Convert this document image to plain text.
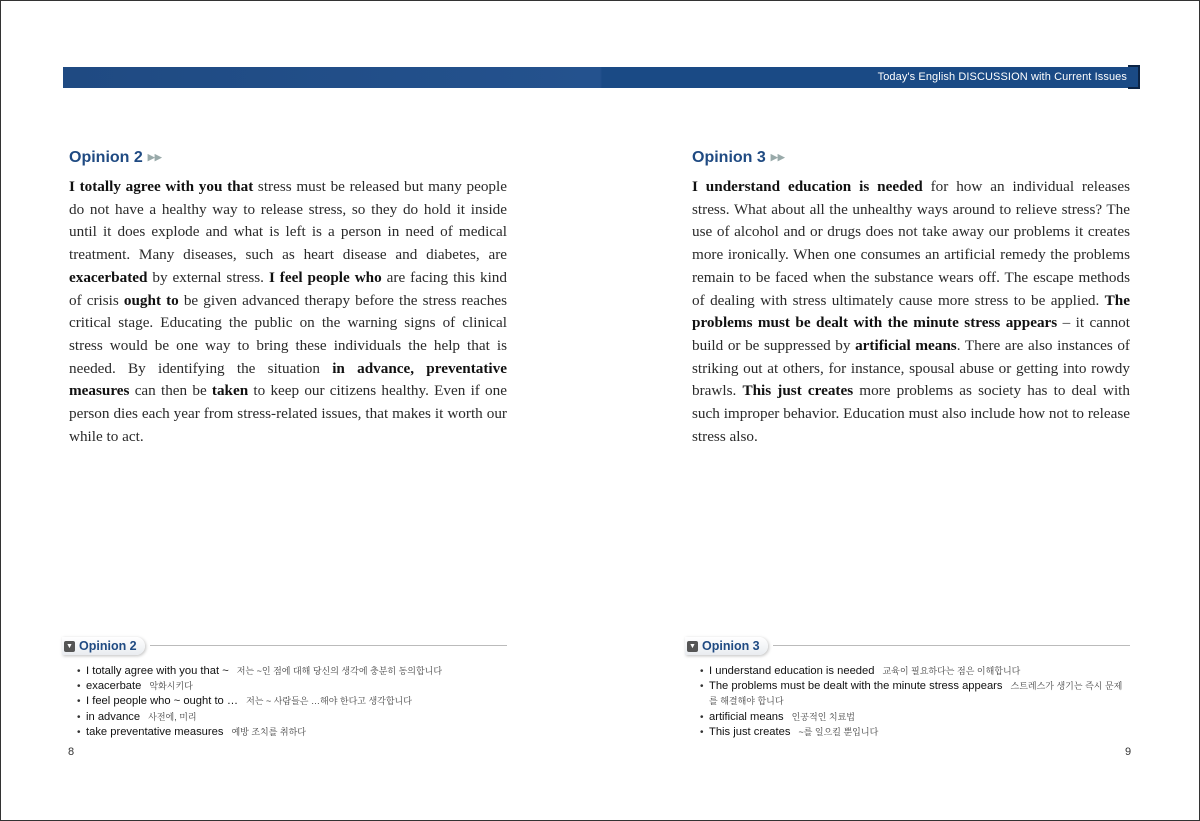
Today's English DISCUSSION with Current Issues
Opinion 2 ▶▶
I totally agree with you that stress must be released but many people do not have a healthy way to release stress, so they do hold it inside until it does explode and what is left is a person in need of medical treatment. Many diseases, such as heart disease and diabetes, are exacerbated by external stress. I feel people who are facing this kind of crisis ought to be given advanced therapy before the stress reaches critical stage. Educating the public on the warning signs of clinical stress would be one way to bring these individuals the help that is needed. By identifying the situation in advance, preventative measures can then be taken to keep our citizens healthy. Even if one person dies each year from stress-related issues, that makes it worth our while to act.
Opinion 3 ▶▶
I understand education is needed for how an individual releases stress. What about all the unhealthy ways around to relieve stress? The use of alcohol and or drugs does not take away our problems it creates more ironically. When one consumes an artificial remedy the problems remain to be faced when the substance wears off. The escape methods of dealing with stress ultimately cause more stress to be applied. The problems must be dealt with the minute stress appears – it cannot build or be suppressed by artificial means. There are also instances of striking out at others, for instance, spousal abuse or getting into rowdy brawls. This just creates more problems as society has to deal with such improper behavior. Education must also include how not to release stress also.
▼ Opinion 2
• I totally agree with you that ~ 저는 ~인 점에 대해 당신의 생각에 충분히 동의합니다
• exacerbate 악화시키다
• I feel people who ~ ought to … 저는 ~ 사람들은 …해야 한다고 생각합니다
• in advance 사전에, 미리
• take preventative measures 예방 조치를 취하다
▼ Opinion 3
• I understand education is needed 교육이 필요하다는 점은 이해합니다
• The problems must be dealt with the minute stress appears 스트레스가 생기는 즉시 문제를 해결해야 합니다
• artificial means 인공적인 치료법
• This just creates ~를 일으킬 뿐입니다
8	9
